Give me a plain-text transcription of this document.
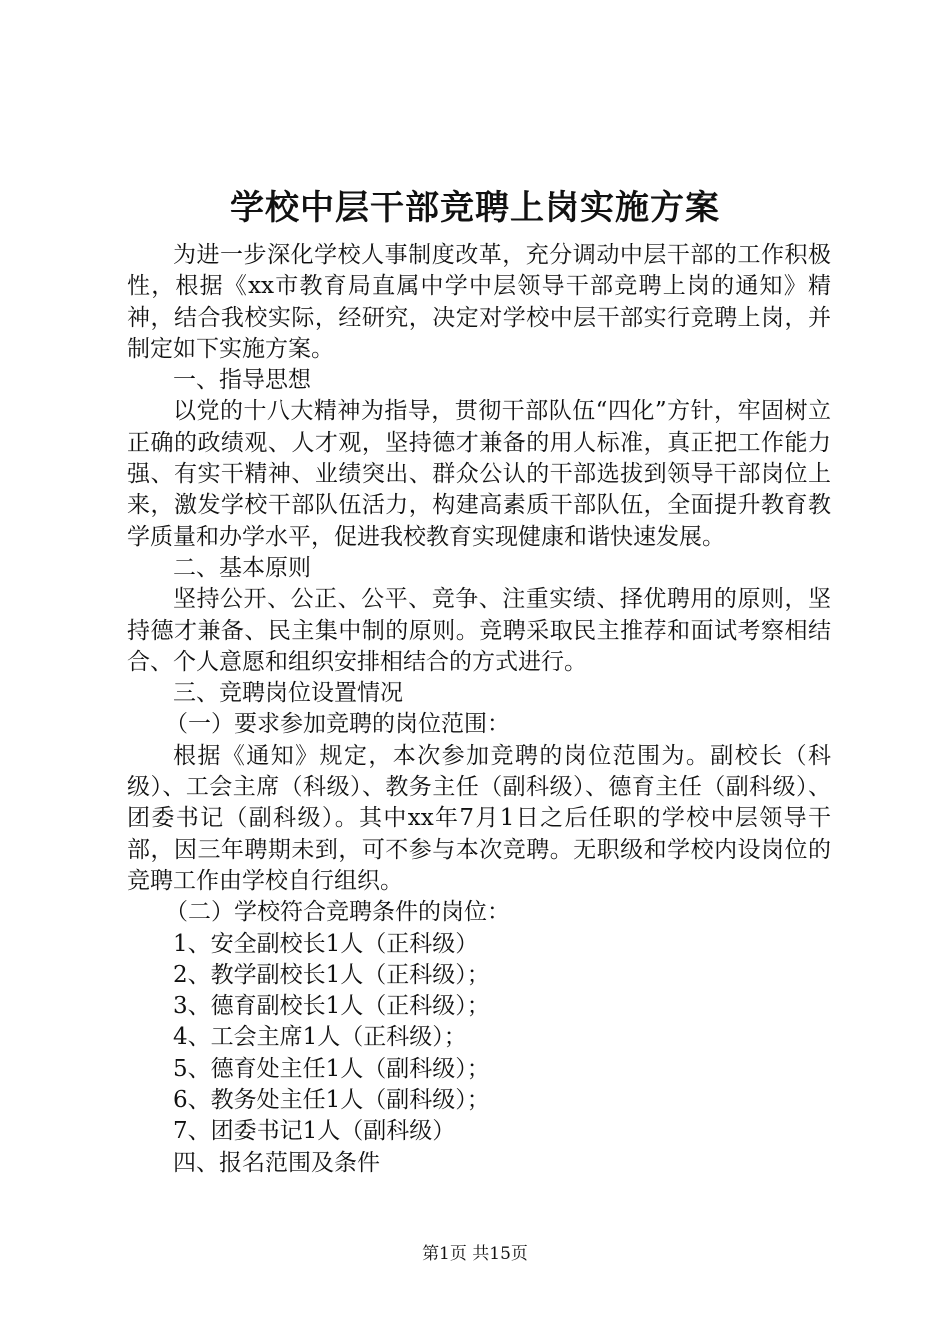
学校中层干部竞聘上岗实施方案

为进一步深化学校人事制度改革，充分调动中层干部的工作积极性，根据《xx市教育局直属中学中层领导干部竞聘上岗的通知》精神，结合我校实际，经研究，决定对学校中层干部实行竞聘上岗，并制定如下实施方案。

一、指导思想

以党的十八大精神为指导，贯彻干部队伍“四化”方针，牢固树立正确的政绩观、人才观，坚持德才兼备的用人标准，真正把工作能力强、有实干精神、业绩突出、群众公认的干部选拔到领导干部岗位上来，激发学校干部队伍活力，构建高素质干部队伍，全面提升教育教学质量和办学水平，促进我校教育实现健康和谐快速发展。

二、基本原则

坚持公开、公正、公平、竞争、注重实绩、择优聘用的原则，坚持德才兼备、民主集中制的原则。竞聘采取民主推荐和面试考察相结合、个人意愿和组织安排相结合的方式进行。

三、竞聘岗位设置情况

（一）要求参加竞聘的岗位范围：

根据《通知》规定，本次参加竞聘的岗位范围为。副校长（科级）、工会主席（科级）、教务主任（副科级）、德育主任（副科级）、团委书记（副科级）。其中xx年7月1日之后任职的学校中层领导干部，因三年聘期未到，可不参与本次竞聘。无职级和学校内设岗位的竞聘工作由学校自行组织。

（二）学校符合竞聘条件的岗位：

1、安全副校长1人（正科级）

2、教学副校长1人（正科级）；

3、德育副校长1人（正科级）；

4、工会主席1人（正科级）；

5、德育处主任1人（副科级）；

6、教务处主任1人（副科级）；

7、团委书记1人（副科级）

四、报名范围及条件

第1页 共15页
